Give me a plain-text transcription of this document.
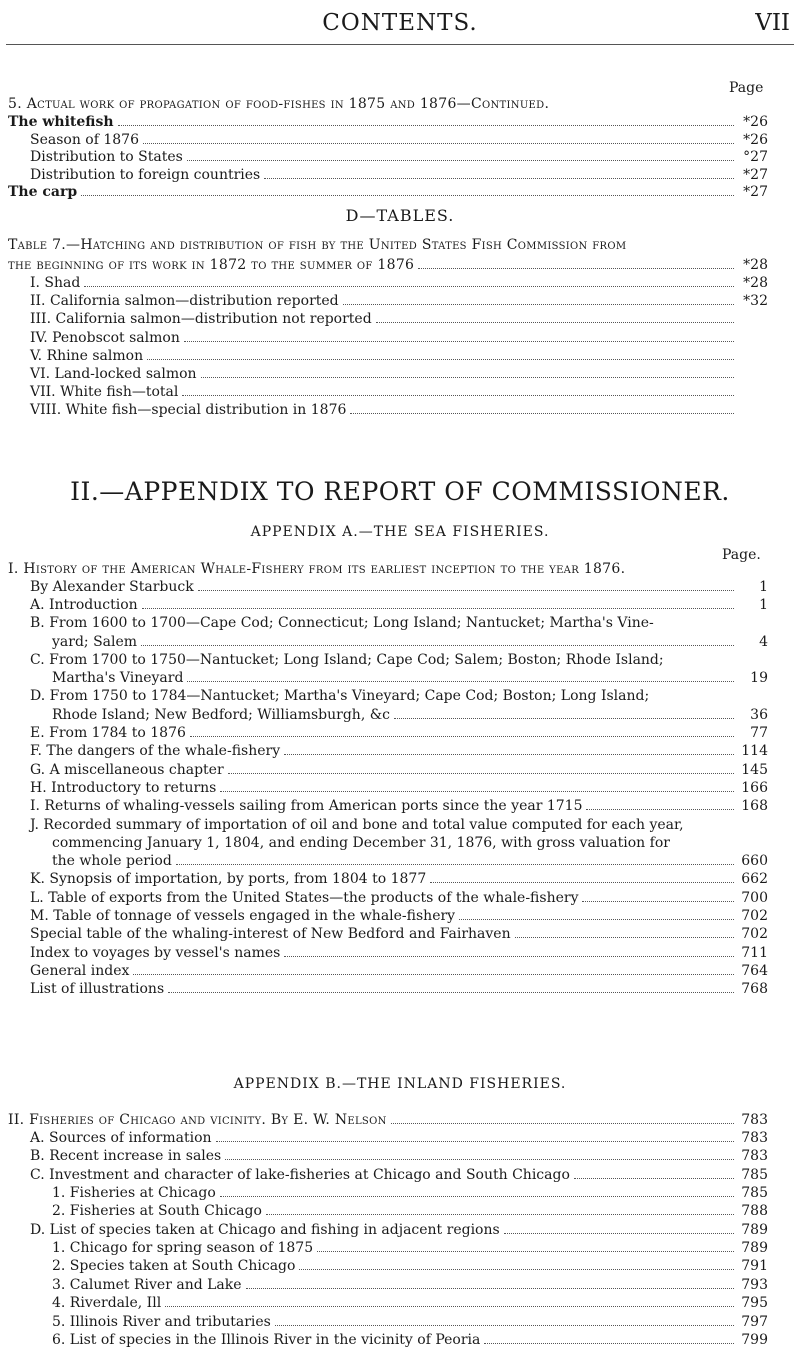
CONTENTS.	VII
Page
5. Actual work of propagation of food-fishes in 1875 and 1876—Continued.
The whitefish	*26
Season of 1876	*26
Distribution to States	°27
Distribution to foreign countries	*27
The carp	*27
D—TABLES.
Table 7.—Hatching and distribution of fish by the United States Fish Commission from
the beginning of its work in 1872 to the summer of 1876	*28
I. Shad	*28
II. California salmon—distribution reported	*32
III. California salmon—distribution not reported
IV. Penobscot salmon
V. Rhine salmon
VI. Land-locked salmon
VII. White fish—total
VIII. White fish—special distribution in 1876
II.—APPENDIX TO REPORT OF COMMISSIONER.
APPENDIX A.—THE SEA FISHERIES.
Page.
I. History of the American Whale-Fishery from its earliest inception to the year 1876.
By Alexander Starbuck	1
A. Introduction	1
B. From 1600 to 1700—Cape Cod; Connecticut; Long Island; Nantucket; Martha's Vine-
yard; Salem	4
C. From 1700 to 1750—Nantucket; Long Island; Cape Cod; Salem; Boston; Rhode Island;
Martha's Vineyard	19
D. From 1750 to 1784—Nantucket; Martha's Vineyard; Cape Cod; Boston; Long Island;
Rhode Island; New Bedford; Williamsburgh, &c	36
E. From 1784 to 1876	77
F. The dangers of the whale-fishery	114
G. A miscellaneous chapter	145
H. Introductory to returns	166
I. Returns of whaling-vessels sailing from American ports since the year 1715	168
J. Recorded summary of importation of oil and bone and total value computed for each year,
commencing January 1, 1804, and ending December 31, 1876, with gross valuation for
the whole period	660
K. Synopsis of importation, by ports, from 1804 to 1877	662
L. Table of exports from the United States—the products of the whale-fishery	700
M. Table of tonnage of vessels engaged in the whale-fishery	702
Special table of the whaling-interest of New Bedford and Fairhaven	702
Index to voyages by vessel's names	711
General index	764
List of illustrations	768
APPENDIX B.—THE INLAND FISHERIES.
II. Fisheries of Chicago and vicinity. By E. W. Nelson	783
A. Sources of information	783
B. Recent increase in sales	783
C. Investment and character of lake-fisheries at Chicago and South Chicago	785
1. Fisheries at Chicago	785
2. Fisheries at South Chicago	788
D. List of species taken at Chicago and fishing in adjacent regions	789
1. Chicago for spring season of 1875	789
2. Species taken at South Chicago	791
3. Calumet River and Lake	793
4. Riverdale, Ill	795
5. Illinois River and tributaries	797
6. List of species in the Illinois River in the vicinity of Peoria	799
